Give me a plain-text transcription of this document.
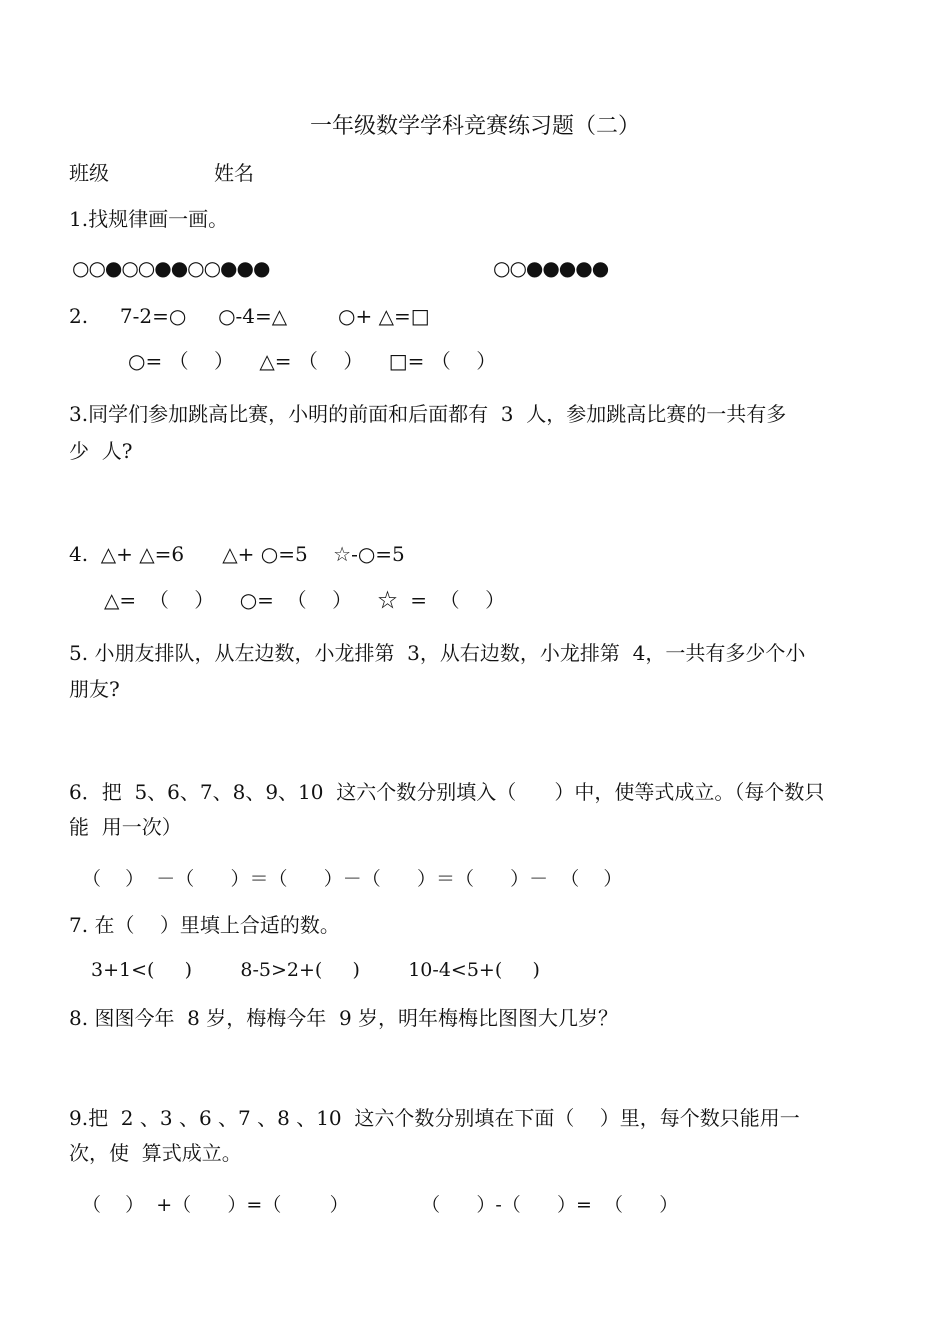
一年级数学学科竞赛练习题（二）
班级	姓名
1.找规律画一画。
○○●○○●●○○●●●	○○●●●●●
2.     7-2=○     ○-4=△        ○+ △=□
○= （    ）    △= （    ）    □= （    ）
3.同学们参加跳高比赛，小明的前面和后面都有  3  人，参加跳高比赛的一共有多
少  人?
4.  △+ △=6      △+ ○=5    ☆-○=5
△=  （    ）    ○=  （    ）    ☆  =  （    ）
5. 小朋友排队，从左边数，小龙排第  3，从右边数，小龙排第  4，一共有多少个小
朋友?
6．把  5、6、7、8、9、10  这六个数分别填入（      ）中，使等式成立。（每个数只
能  用一次）
（    ）  －（      ）＝（      ）－（      ）＝（      ）－  （    ）
7. 在（    ）里填上合适的数。
3+1<(     )        8-5>2+(     )        10-4<5+(     )
8. 图图今年  8 岁，梅梅今年  9 岁，明年梅梅比图图大几岁？
9.把  2 、3 、6 、7 、8 、10  这六个数分别填在下面（    ）里，每个数只能用一
次，使  算式成立。
（    ）  +（      ）=（        ）            （      ）-（      ）=  （      ）
